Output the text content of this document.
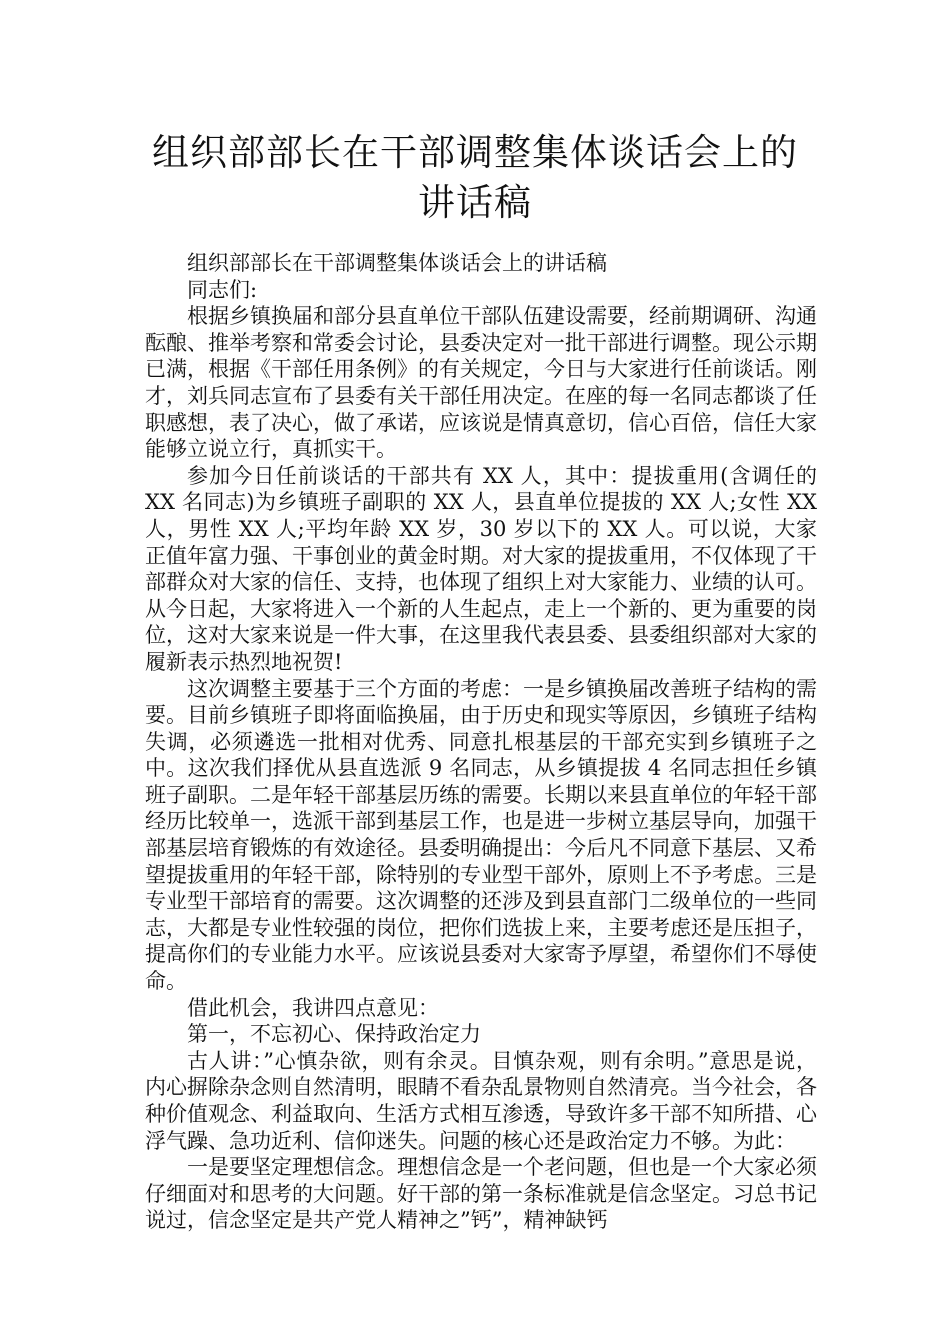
组织部部长在干部调整集体谈话会上的讲话稿

组织部部长在干部调整集体谈话会上的讲话稿

同志们:

根据乡镇换届和部分县直单位干部队伍建设需要，经前期调研、沟通酝酿、推举考察和常委会讨论，县委决定对一批干部进行调整。现公示期已满，根据《干部任用条例》的有关规定，今日与大家进行任前谈话。刚才，刘兵同志宣布了县委有关干部任用决定。在座的每一名同志都谈了任职感想，表了决心，做了承诺，应该说是情真意切，信心百倍，信任大家能够立说立行，真抓实干。

参加今日任前谈话的干部共有 XX 人，其中：提拔重用(含调任的 XX 名同志)为乡镇班子副职的 XX 人，县直单位提拔的 XX 人;女性 XX 人，男性 XX 人;平均年龄 XX 岁，30 岁以下的 XX 人。可以说，大家正值年富力强、干事创业的黄金时期。对大家的提拔重用，不仅体现了干部群众对大家的信任、支持，也体现了组织上对大家能力、业绩的认可。从今日起，大家将进入一个新的人生起点，走上一个新的、更为重要的岗位，这对大家来说是一件大事，在这里我代表县委、县委组织部对大家的履新表示热烈地祝贺!

这次调整主要基于三个方面的考虑：一是乡镇换届改善班子结构的需要。目前乡镇班子即将面临换届，由于历史和现实等原因，乡镇班子结构失调，必须遴选一批相对优秀、同意扎根基层的干部充实到乡镇班子之中。这次我们择优从县直选派 9 名同志，从乡镇提拔 4 名同志担任乡镇班子副职。二是年轻干部基层历练的需要。长期以来县直单位的年轻干部经历比较单一，选派干部到基层工作，也是进一步树立基层导向，加强干部基层培育锻炼的有效途径。县委明确提出：今后凡不同意下基层、又希望提拔重用的年轻干部，除特别的专业型干部外，原则上不予考虑。三是专业型干部培育的需要。这次调整的还涉及到县直部门二级单位的一些同志，大都是专业性较强的岗位，把你们选拔上来，主要考虑还是压担子，提高你们的专业能力水平。应该说县委对大家寄予厚望，希望你们不辱使命。

借此机会，我讲四点意见：

第一，不忘初心、保持政治定力

古人讲：”心慎杂欲，则有余灵。目慎杂观，则有余明。”意思是说，内心摒除杂念则自然清明，眼睛不看杂乱景物则自然清亮。当今社会，各种价值观念、利益取向、生活方式相互渗透，导致许多干部不知所措、心浮气躁、急功近利、信仰迷失。问题的核心还是政治定力不够。为此：

一是要坚定理想信念。理想信念是一个老问题，但也是一个大家必须仔细面对和思考的大问题。好干部的第一条标准就是信念坚定。习总书记说过，信念坚定是共产党人精神之”钙”，精神缺钙
